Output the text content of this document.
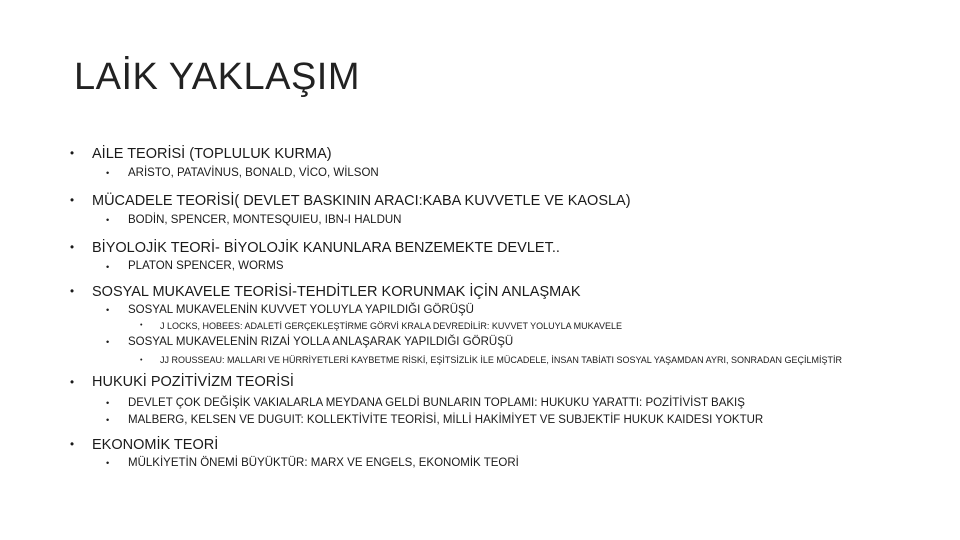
LAİK YAKLAŞIM
• AİLE TEORİSİ (TOPLULUK KURMA)
• ARİSTO, PATAVİNUS, BONALD, VİCO, WİLSON
• MÜCADELE TEORİSİ( DEVLET BASKININ ARACI:KABA KUVVETLE VE KAOSLA)
• BODİN, SPENCER, MONTESQUIEU, IBN-I HALDUN
• BİYOLOJİK TEORİ- BİYOLOJİK KANUNLARA BENZEMEKTE DEVLET..
• PLATON SPENCER, WORMS
• SOSYAL MUKAVELE TEORİSİ-TEHDİTLER KORUNMAK İÇİN ANLAŞMAK
• SOSYAL MUKAVELENİN KUVVET YOLUYLA YAPILDIĞI GÖRÜŞÜ
• J LOCKS, HOBEES: ADALETİ GERÇEKLEŞTİRME GÖRVİ KRALA DEVREDİLİR: KUVVET YOLUYLA MUKAVELE
• SOSYAL MUKAVELENİN RIZAİ YOLLA ANLAŞARAK YAPILDIĞI GÖRÜŞÜ
• JJ ROUSSEAU: MALLARI VE HÜRRİYETLERİ KAYBETME RİSKİ, EŞİTSİZLİK İLE MÜCADELE, İNSAN TABİATI SOSYAL YAŞAMDAN AYRI, SONRADAN GEÇİLMİŞTİR
• HUKUKİ POZİTİVİZM TEORİSİ
• DEVLET ÇOK DEĞİŞİK VAKIALARLA MEYDANA GELDİ BUNLARIN TOPLAMI: HUKUKU YARATTI: POZİTİVİST BAKIŞ
• MALBERG, KELSEN VE DUGUIT: KOLLEKTİVİTE TEORİSİ, MİLLİ HAKİMİYET VE SUBJEKTİF HUKUK KAIDESI YOKTUR
• EKONOMİK TEORİ
• MÜLKİYETİN ÖNEMİ BÜYÜKTÜR: MARX VE ENGELS, EKONOMİK TEORİ
